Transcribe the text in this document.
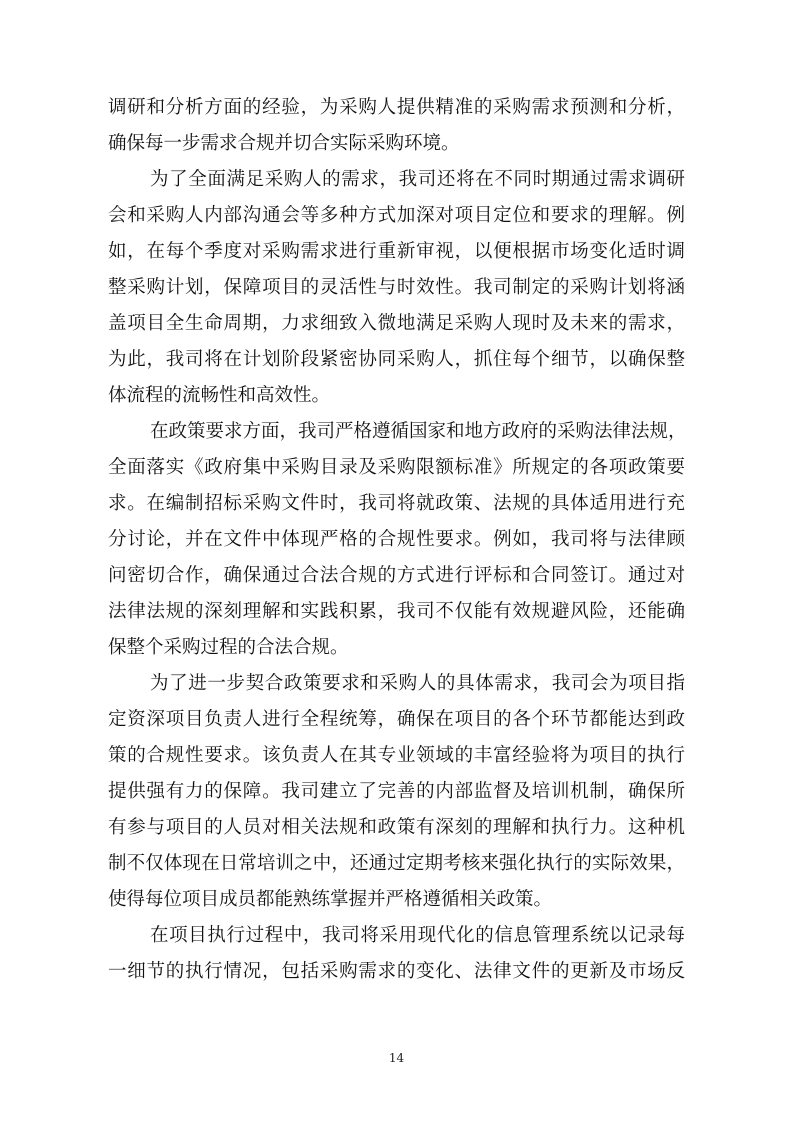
调研和分析方面的经验，为采购人提供精准的采购需求预测和分析，
确保每一步需求合规并切合实际采购环境。
为了全面满足采购人的需求，我司还将在不同时期通过需求调研
会和采购人内部沟通会等多种方式加深对项目定位和要求的理解。例
如，在每个季度对采购需求进行重新审视，以便根据市场变化适时调
整采购计划，保障项目的灵活性与时效性。我司制定的采购计划将涵
盖项目全生命周期，力求细致入微地满足采购人现时及未来的需求，
为此，我司将在计划阶段紧密协同采购人，抓住每个细节，以确保整
体流程的流畅性和高效性。
在政策要求方面，我司严格遵循国家和地方政府的采购法律法规，
全面落实《政府集中采购目录及采购限额标准》所规定的各项政策要
求。在编制招标采购文件时，我司将就政策、法规的具体适用进行充
分讨论，并在文件中体现严格的合规性要求。例如，我司将与法律顾
问密切合作，确保通过合法合规的方式进行评标和合同签订。通过对
法律法规的深刻理解和实践积累，我司不仅能有效规避风险，还能确
保整个采购过程的合法合规。
为了进一步契合政策要求和采购人的具体需求，我司会为项目指
定资深项目负责人进行全程统筹，确保在项目的各个环节都能达到政
策的合规性要求。该负责人在其专业领域的丰富经验将为项目的执行
提供强有力的保障。我司建立了完善的内部监督及培训机制，确保所
有参与项目的人员对相关法规和政策有深刻的理解和执行力。这种机
制不仅体现在日常培训之中，还通过定期考核来强化执行的实际效果，
使得每位项目成员都能熟练掌握并严格遵循相关政策。
在项目执行过程中，我司将采用现代化的信息管理系统以记录每
一细节的执行情况，包括采购需求的变化、法律文件的更新及市场反
14
